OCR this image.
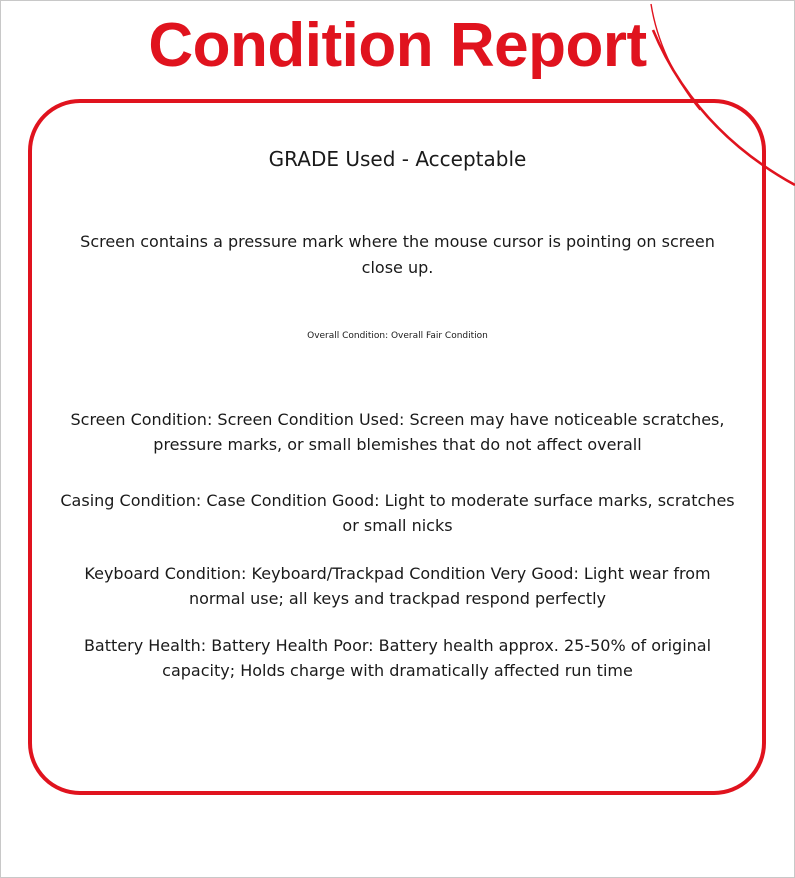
Condition Report

GRADE Used - Acceptable

Screen contains a pressure mark where the mouse cursor is pointing on screen close up.

Overall Condition: Overall Fair Condition

Screen Condition: Screen Condition Used: Screen may have noticeable scratches, pressure marks, or small blemishes that do not affect overall

Casing Condition: Case Condition Good: Light to moderate surface marks, scratches or small nicks

Keyboard Condition: Keyboard/Trackpad Condition Very Good: Light wear from normal use; all keys and trackpad respond perfectly

Battery Health: Battery Health Poor: Battery health approx. 25-50% of original capacity; Holds charge with dramatically affected run time
